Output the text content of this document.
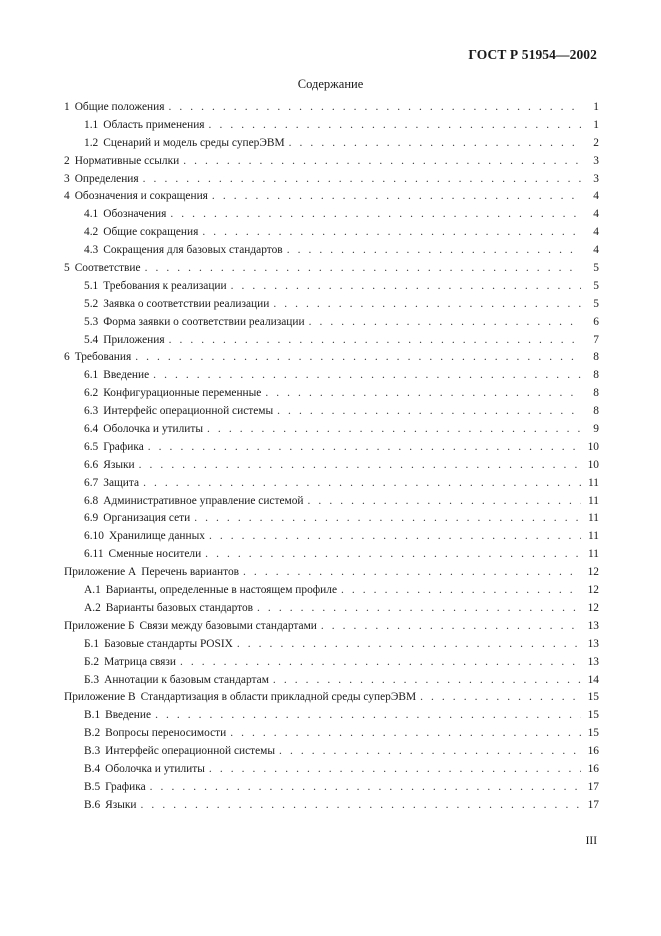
ГОСТ Р 51954—2002
Содержание
1 Общие положения . . .	1
1.1 Область применения . . .	1
1.2 Сценарий и модель среды суперЭВМ . . .	2
2 Нормативные ссылки . . .	3
3 Определения . . .	3
4 Обозначения и сокращения . . .	4
4.1 Обозначения . . .	4
4.2 Общие сокращения . . .	4
4.3 Сокращения для базовых стандартов . . .	4
5 Соответствие . . .	5
5.1 Требования к реализации . . .	5
5.2 Заявка о соответствии реализации . . .	5
5.3 Форма заявки о соответствии реализации . . .	6
5.4 Приложения . . .	7
6 Требования . . .	8
6.1 Введение . . .	8
6.2 Конфигурационные переменные . . .	8
6.3 Интерфейс операционной системы . . .	8
6.4 Оболочка и утилиты . . .	9
6.5 Графика . . .	10
6.6 Языки . . .	10
6.7 Защита . . .	11
6.8 Административное управление системой . . .	11
6.9 Организация сети . . .	11
6.10 Хранилище данных . . .	11
6.11 Сменные носители . . .	11
Приложение А Перечень вариантов . . .	12
А.1 Варианты, определенные в настоящем профиле . . .	12
А.2 Варианты базовых стандартов . . .	12
Приложение Б Связи между базовыми стандартами . . .	13
Б.1 Базовые стандарты POSIX . . .	13
Б.2 Матрица связи . . .	13
Б.3 Аннотации к базовым стандартам . . .	14
Приложение В Стандартизация в области прикладной среды суперЭВМ . . .	15
В.1 Введение . . .	15
В.2 Вопросы переносимости . . .	15
В.3 Интерфейс операционной системы . . .	16
В.4 Оболочка и утилиты . . .	16
В.5 Графика . . .	17
В.6 Языки . . .	17
III
